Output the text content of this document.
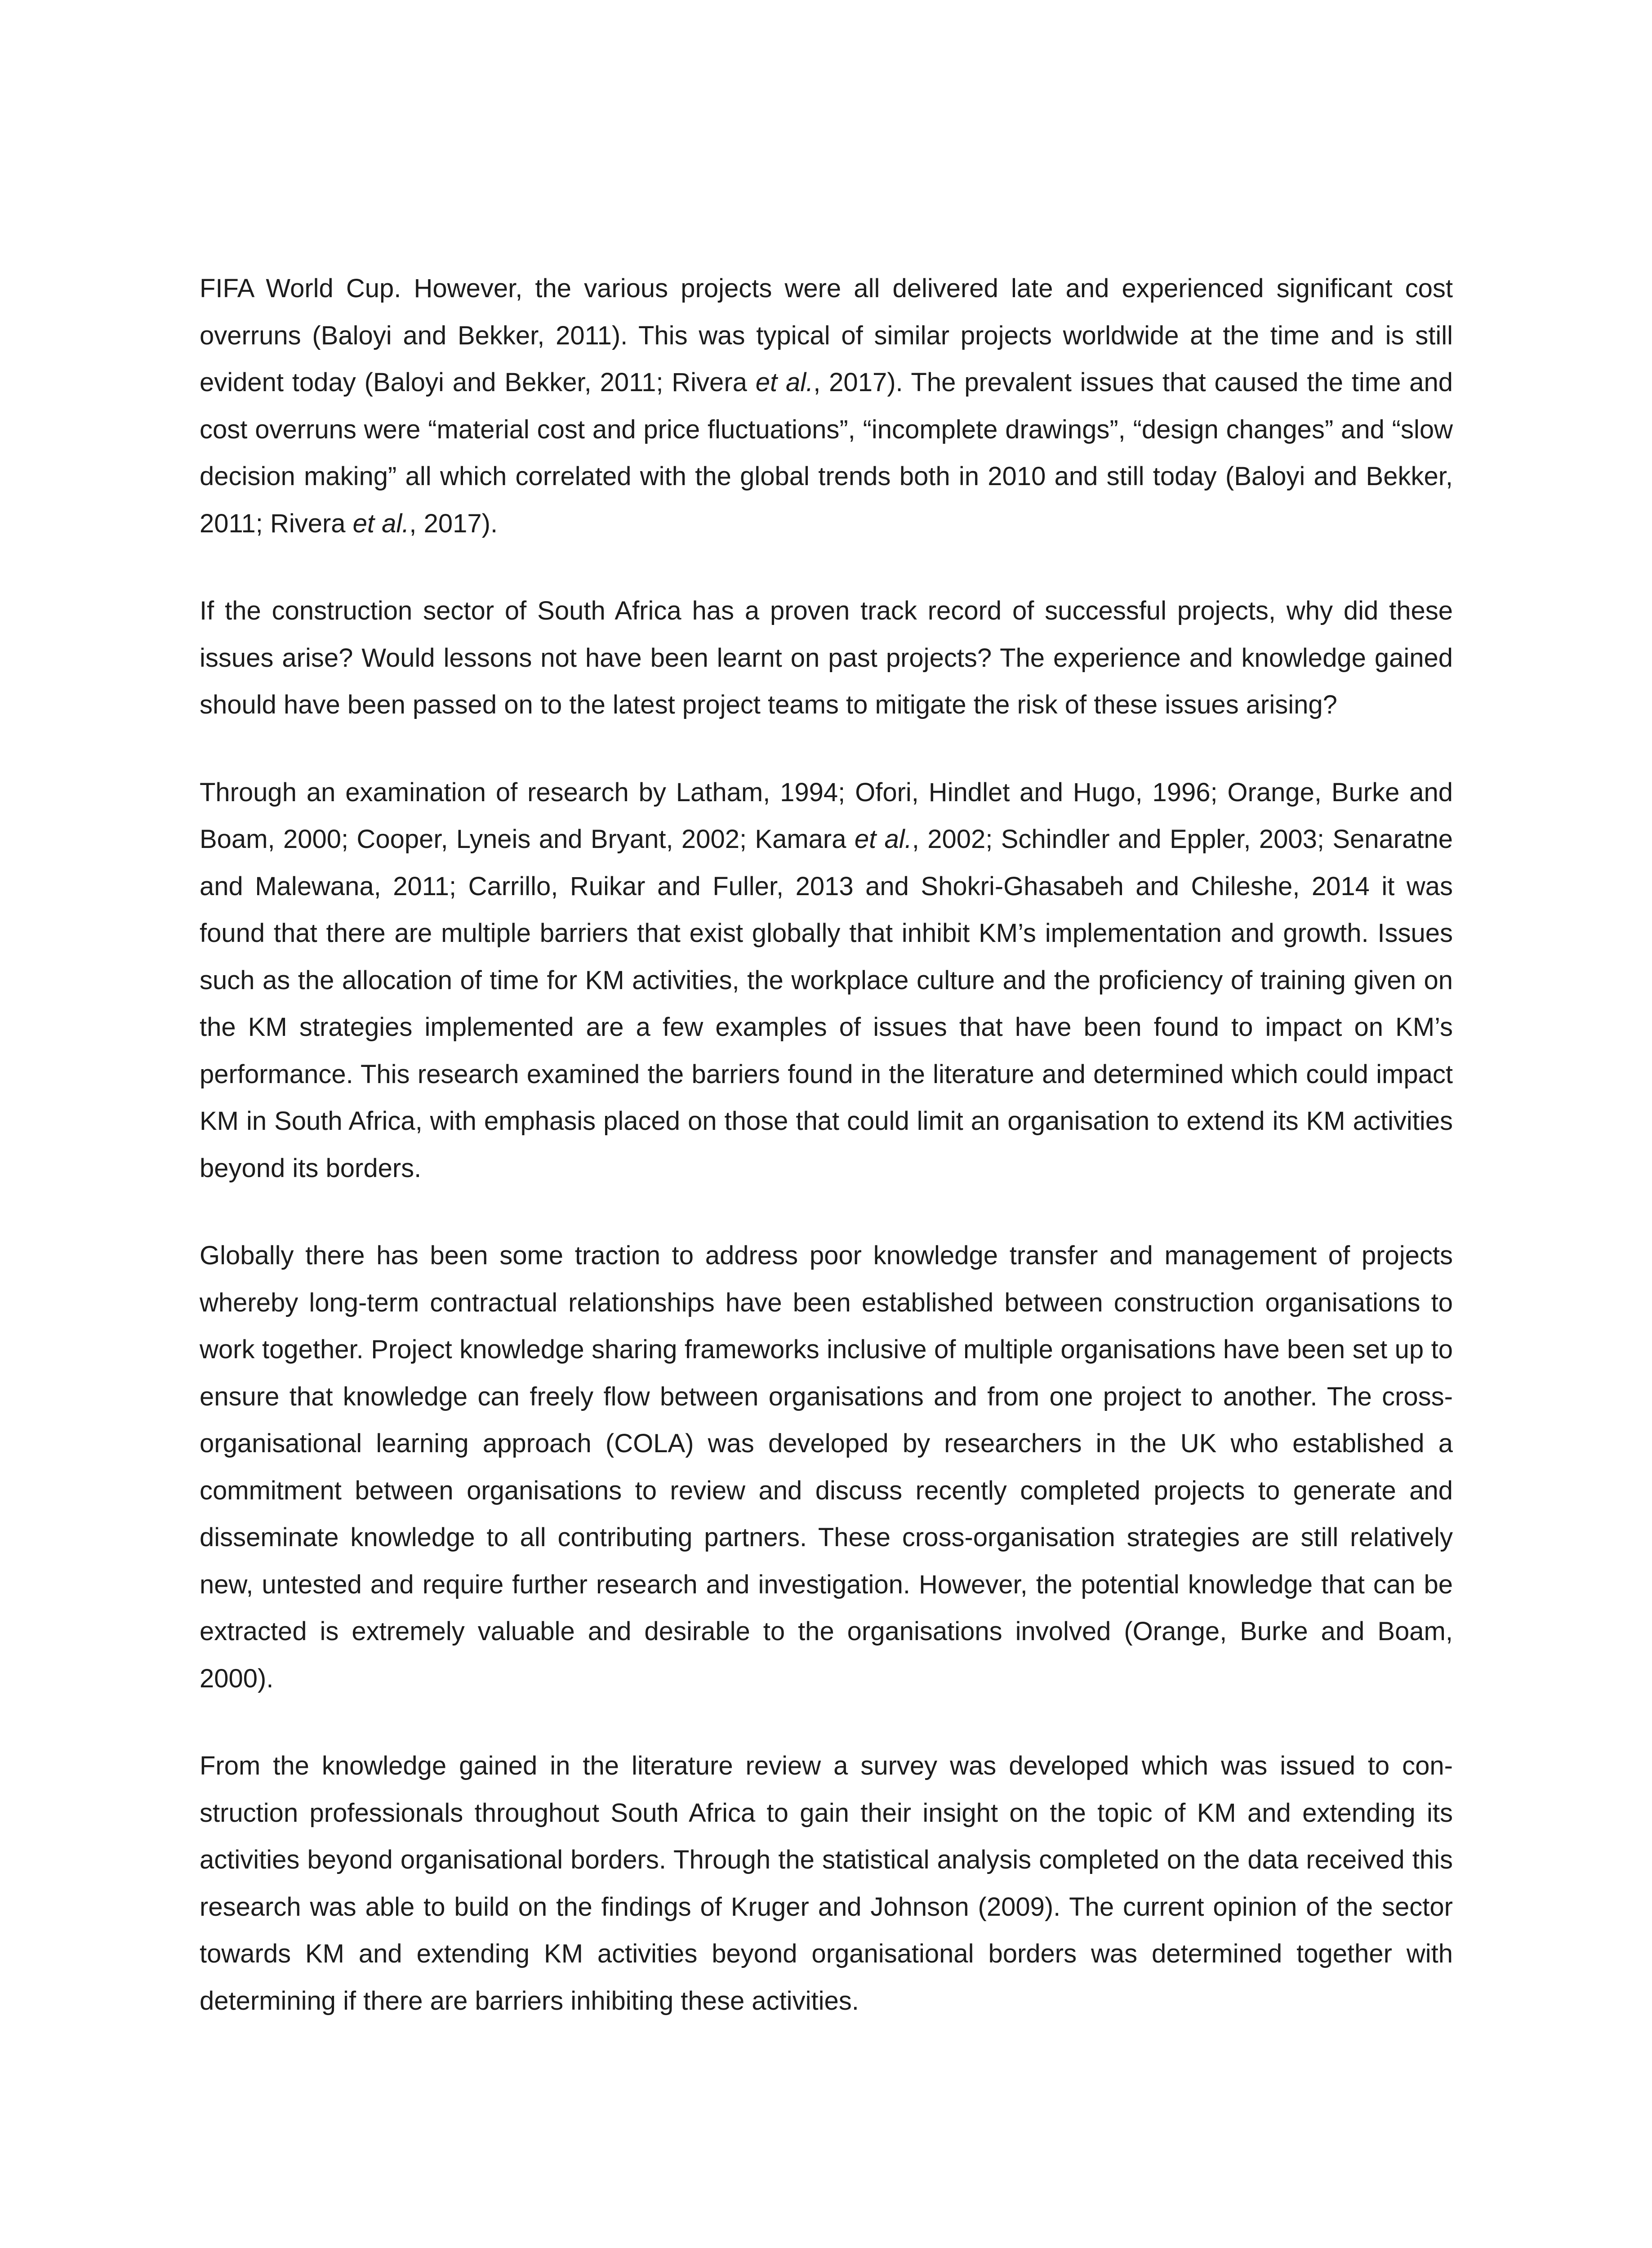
FIFA World Cup. However, the various projects were all delivered late and experienced significant cost overruns (Baloyi and Bekker, 2011). This was typical of similar projects worldwide at the time and is still evident today (Baloyi and Bekker, 2011; Rivera et al., 2017). The prevalent issues that caused the time and cost overruns were “material cost and price fluctuations”, “incomplete drawings”, “design changes” and “slow decision making” all which correlated with the global trends both in 2010 and still today (Baloyi and Bekker, 2011; Rivera et al., 2017).

If the construction sector of South Africa has a proven track record of successful projects, why did these issues arise? Would lessons not have been learnt on past projects? The experience and knowledge gained should have been passed on to the latest project teams to mitigate the risk of these issues arising?

Through an examination of research by Latham, 1994; Ofori, Hindlet and Hugo, 1996; Orange, Burke and Boam, 2000; Cooper, Lyneis and Bryant, 2002; Kamara et al., 2002; Schindler and Eppler, 2003; Senaratne and Malewana, 2011; Carrillo, Ruikar and Fuller, 2013 and Shokri-Ghasabeh and Chileshe, 2014 it was found that there are multiple barriers that exist globally that inhibit KM’s implementation and growth. Issues such as the allocation of time for KM activities, the workplace culture and the proficiency of training given on the KM strategies implemented are a few examples of issues that have been found to impact on KM’s performance. This research examined the barriers found in the literature and determined which could impact KM in South Africa, with emphasis placed on those that could limit an organisation to extend its KM activities beyond its borders.

Globally there has been some traction to address poor knowledge transfer and management of projects whereby long-term contractual relationships have been established between construction organisations to work together. Project knowledge sharing frameworks inclusive of multiple organisations have been set up to ensure that knowledge can freely flow between organisations and from one project to another. The cross-organisational learning approach (COLA) was developed by researchers in the UK who established a commitment between organisations to review and discuss recently completed projects to generate and disseminate knowledge to all contributing partners. These cross-organisation strategies are still relatively new, untested and require further research and investigation. However, the potential knowledge that can be extracted is extremely valuable and desirable to the organisations involved (Orange, Burke and Boam, 2000).

From the knowledge gained in the literature review a survey was developed which was issued to construction professionals throughout South Africa to gain their insight on the topic of KM and extending its activities beyond organisational borders. Through the statistical analysis completed on the data received this research was able to build on the findings of Kruger and Johnson (2009). The current opinion of the sector towards KM and extending KM activities beyond organisational borders was determined together with determining if there are barriers inhibiting these activities.
